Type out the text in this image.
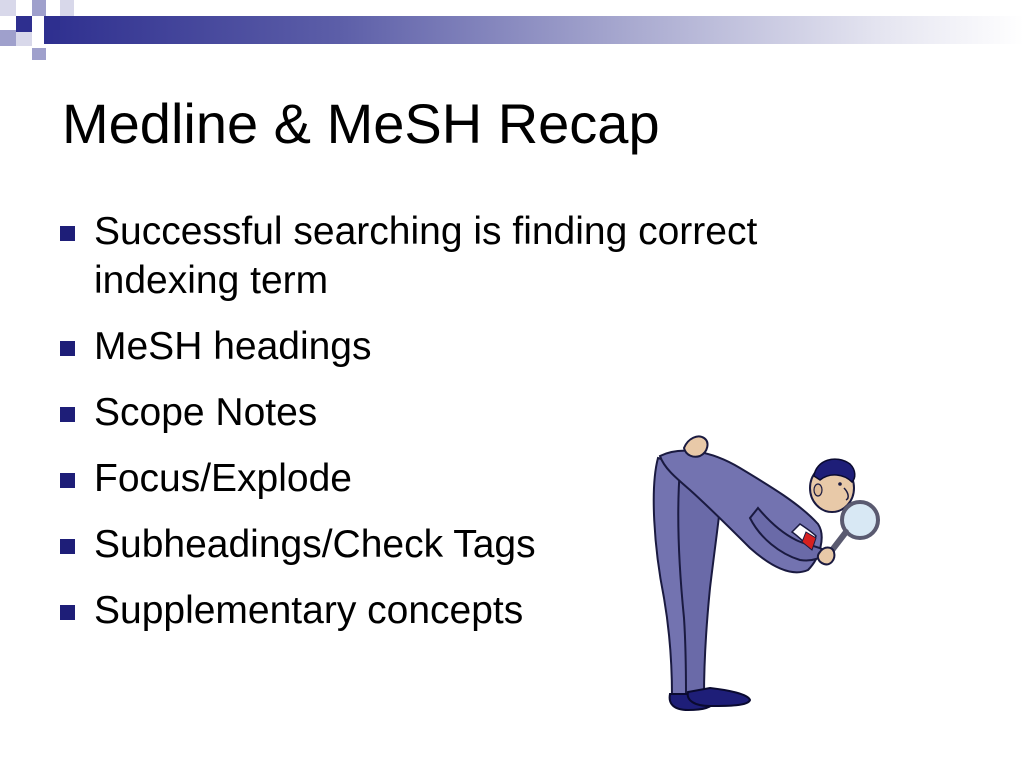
Medline & MeSH Recap
Successful searching is finding correct indexing term
MeSH headings
Scope Notes
Focus/Explode
Subheadings/Check Tags
Supplementary concepts
